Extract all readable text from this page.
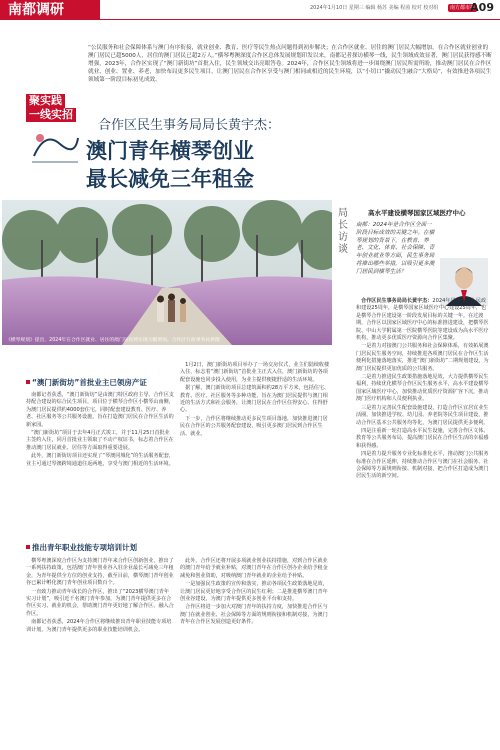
南都调研	2024年1月10日 星期三 编辑 杨苏 美编 程茵 校对 校对组	南方都市报
A09
“公民服务和社会保障体系与澳门有序衔接，就业创业、教育、医疗等民生热点问题得到初步解决；在合作区就业、居住的澳门居民大幅增加，在合作区就业创业的澳门居民已超5000人，居住的澳门居民已超2万人。”横琴粤澳深度合作区总体发展规划印发以来，南都记者探访横琴一线，民生领域成效显著，澳门居民获得感不断增强，2023年，合作区实现了“澳门新街坊”首批入住，民生领域交出亮眼答卷。2024年，合作区民生领域将进一步围绕澳门居民所需所盼，推动澳门居民在合作区就业、创业、置业、养老，加快布局更多民生项目，让澳门居民在合作区享受与澳门相同或相近的民生环境，以“小切口”撬动民生融合“大格局”，有效推进各项民生领域第一阶段目标初见成效。
聚实践
一线实招
合作区民生事务局局长黄宇杰：
澳门青年横琴创业
最长减免三年租金
《横琴规划》提出，2024年在合作区就业、居住的澳门居民将实现大幅增加。合作区行政事务局供图
局长访谈
高水平建设横琴国家区域医疗中心
南都：2024年是合作区全面一阶段目标成效的关键之年。在横琴规划的背景下，在教育、养老、文化、体育、社会保障、青年创业就业等方面，民生事务局将推出哪些举措，以吸引更多澳门居民到横琴生活？

合作区民生事务局局长黄宇杰：2024年是合作区入民政和建设25周年，是横琴国家区域医疗中心建设25周年，也是横琴合作区建设第一阶段发展目标的关键一年。在过渡期，合作区以国家区域医疗中心的标准推进建设，把横琴医院、中山大学附属第一医院横琴医院等建设成为高水平医疗机构，推动更多优质医疗资源向合作区集聚。

一是着力对接澳门公共服务和社会保障体系，有效拓展澳门居民民生服务空间，持续推进各项澳门居民在合作区生活便利化措施落地落实，推进“澳门新街坊”二期规划建设，为澳门居民提供更加优质的公共服务。

二是着力推进民生政策措施落地见效，大力提供横琴民生福利，持续优化横琴合作区民生服务水平，高水平建设横琴国家区域医疗中心，加快推动优质医疗资源扩容下沉，推动澳门医疗机构和人员便利执业。

三是着力完善民生配套设施建设，打造合作区宜居宜业生活圈，加快推进学校、幼儿园、养老院等民生项目建设，推动合作区基本公共服务均等化，为澳门居民提供更多便利。

四是注重新一轮打造高水平民生设施，完善合作区文体、教育等公共服务布局，提高澳门居民在合作区生活的幸福感和获得感。

四是着力提升服务专业化标准化水平，推动澳门公共服务标准在合作区延伸，持续推动合作区与澳门在社会服务、社会保障等方面规则衔接、机制对接，把合作区打造成为澳门居民生活的新空间。

“澳门新街坊”首批业主已领房产证

南都记者获悉，“澳门新街坊”是由澳门特区政府主导、合作区支持配合建设的综合民生项目，项目位于横琴合作区小横琴山南侧，为澳门居民提供约4000套住宅，同时配套建设教育、医疗、养老、社区服务等公共服务设施，旨在打造澳门居民在合作区生活的新家园。

“澳门新街坊”项目于去年4月正式竣工，并于11月25日首批业主签约入住，同月首批业主领取了不动产权证书，标志着合作区在推动澳门居民就业、居住等方面取得重要进展。

此外，澳门新街坊项目还实现了“琴澳同城化”的生活服务配套，业主可通过琴澳跨境通道往返两地，享受与澳门相近的生活环境。

1月2日，澳门新街坊项目举办了一场交房仪式，业主们陆续收楼入住，标志着“澳门新街坊”首批业主正式入住，澳门新街坊的各项配套设施也同步投入使用，为业主提供便捷舒适的生活环境。

据了解，澳门新街坊项目总建筑面积约28万平方米，包括住宅、教育、医疗、社区服务等多种功能，旨在为澳门居民提供与澳门相近的生活方式和社会服务，让澳门居民在合作区住得安心、住得舒心。

下一步，合作区将继续推动更多民生项目落地，加快推进澳门居民在合作区的公共服务配套建设，吸引更多澳门居民到合作区生活、就业。

推出青年职业技能专项培训计划

横琴粤澳深度合作区为支持澳门青年来合作区创新创业，推出了一系列扶持政策，包括澳门青年创业谷入驻企业最长可减免三年租金，为青年提供全方位的创业支持，截至目前，横琴澳门青年创业谷已累计孵化澳门青年创业项目数百个。

一直致力推动青年成长的合作区，推出了“2023横琴澳门青年实习计划”，吸引近千名澳门青年参加，为澳门青年提供更多在合作区实习、就业的机会，帮助澳门青年更好地了解合作区、融入合作区。

南都记者获悉，2024年合作区将继续推出青年职业技能专项培训计划，为澳门青年提供更多的职业技能培训机会。

此外，合作区还将开展多项就业创业扶持措施，对到合作区就业的澳门青年给予就业补贴，对澳门青年在合作区创办企业给予租金减免和创业资助，对吸纳澳门青年就业的企业给予补贴。

一是加强民生政策的宣传和落实，推动各项民生政策落地见效，让澳门居民更好地享受合作区的民生红利；二是推进横琴澳门青年创业谷建设，为澳门青年提供更多创业平台和支持。

合作区将进一步加大对澳门青年的扶持力度，加快推进合作区与澳门在就业创业、社会保障等方面的规则衔接和机制对接，为澳门青年在合作区发展创造更好条件。
